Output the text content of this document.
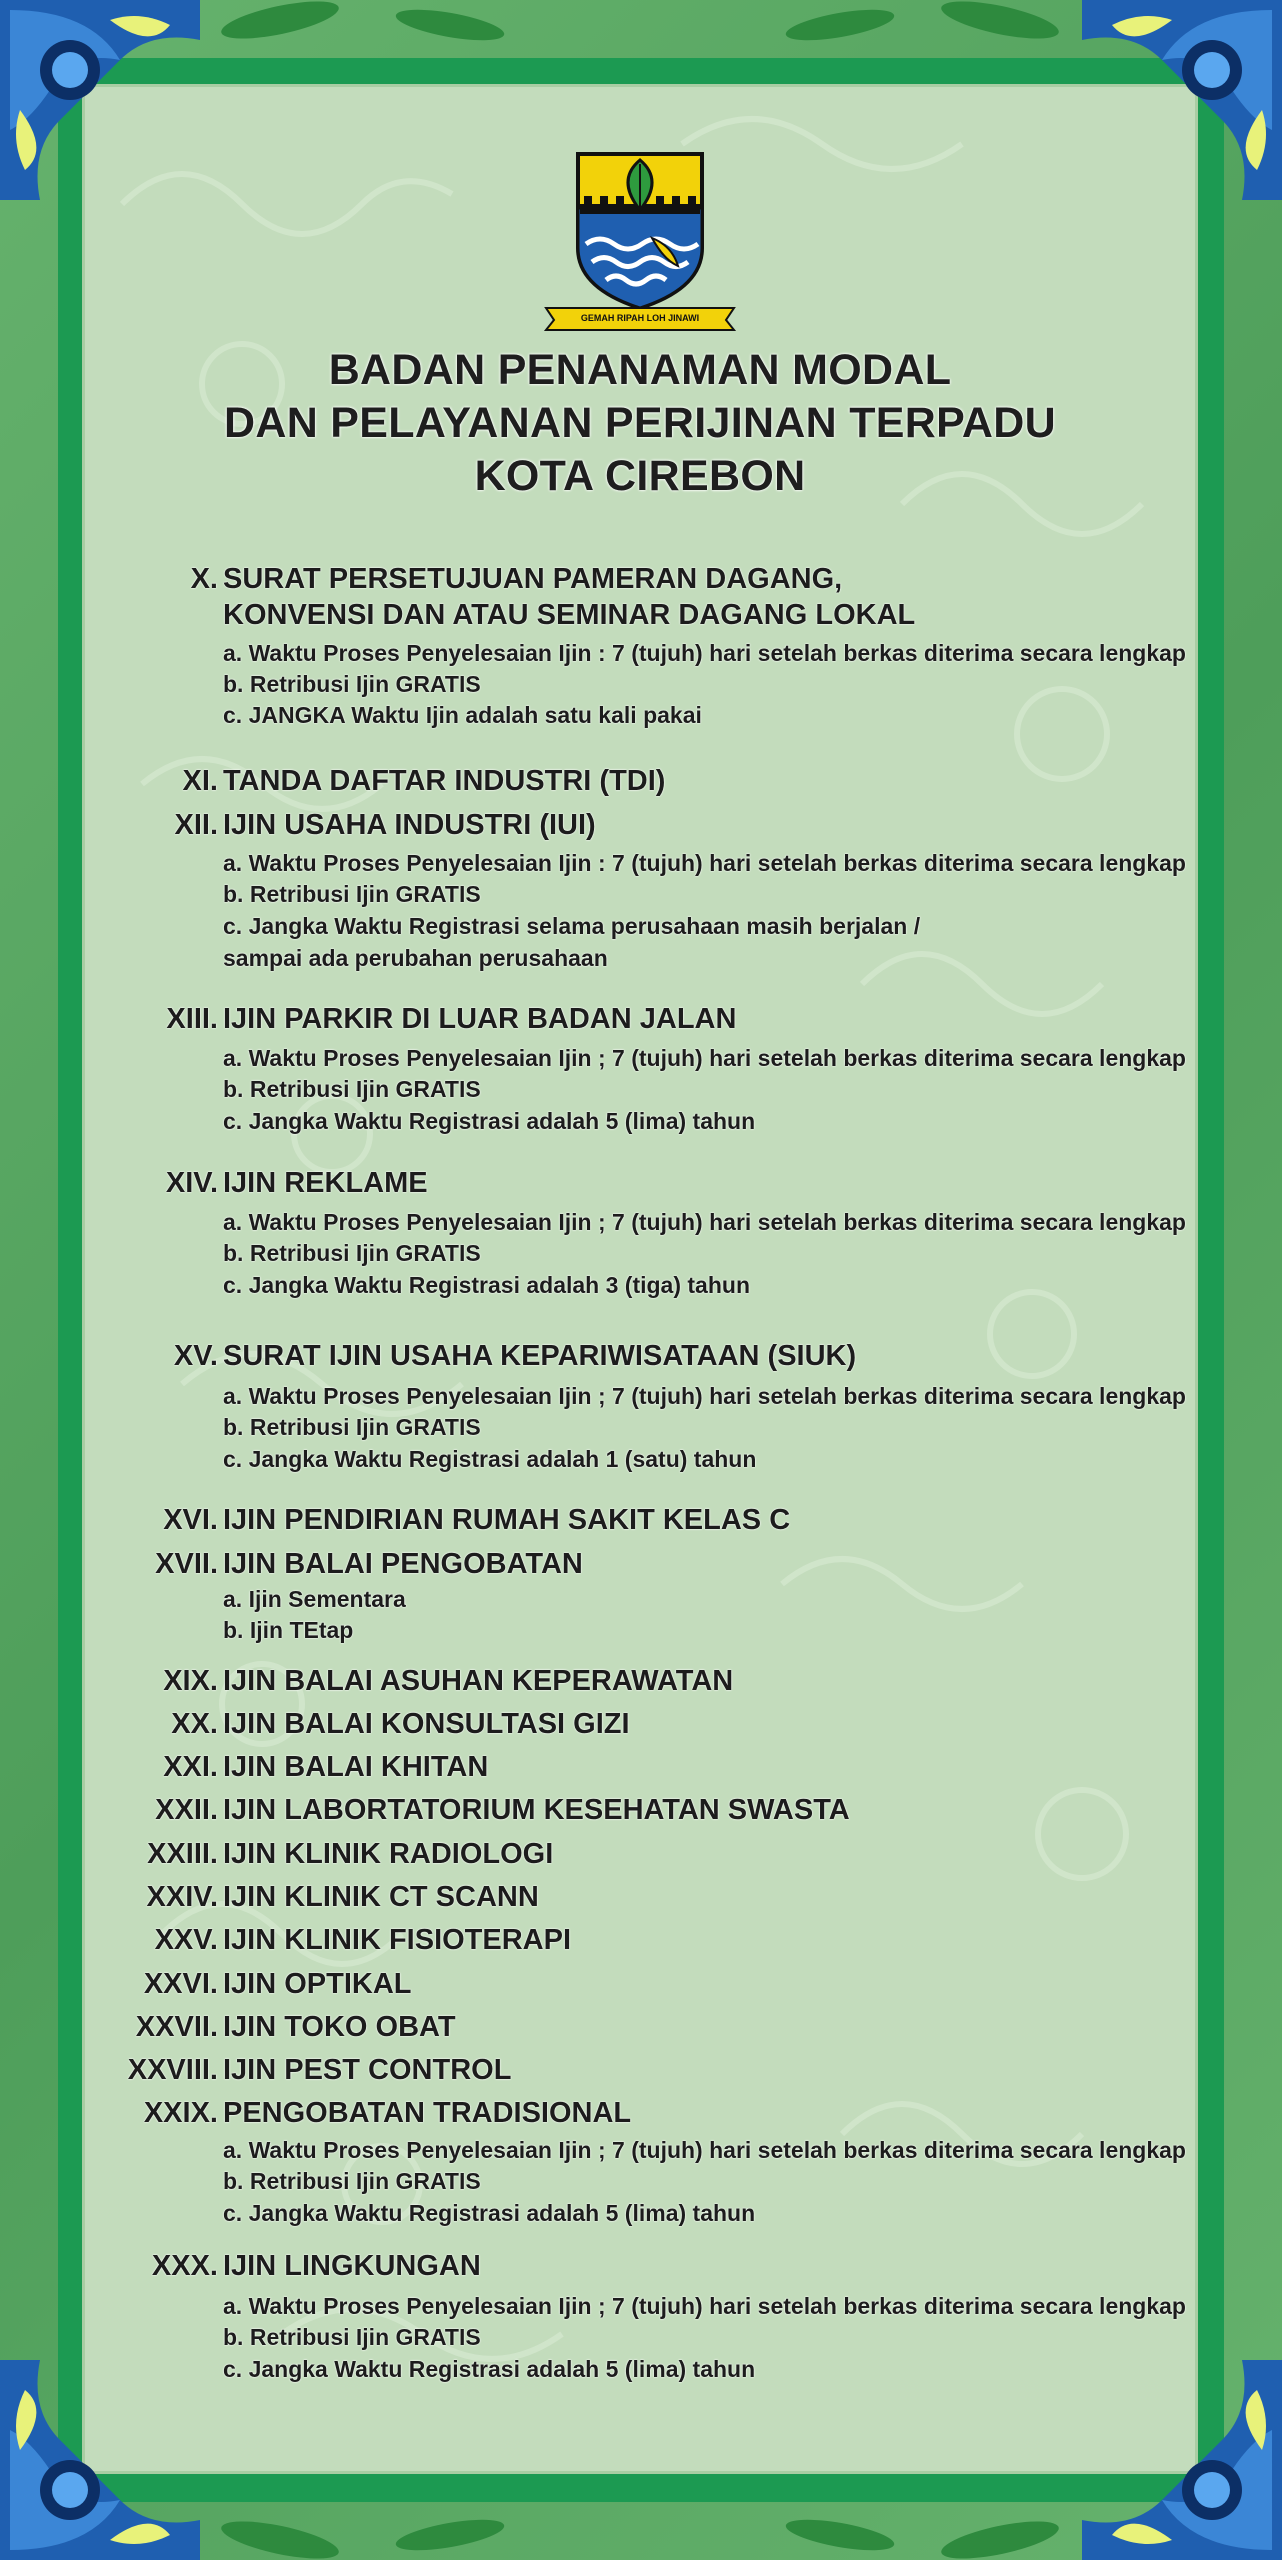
GEMAH RIPAH LOH JINAWI
BADAN PENANAMAN MODAL
DAN PELAYANAN PERIJINAN TERPADU
KOTA CIREBON
X. SURAT PERSETUJUAN PAMERAN DAGANG,
KONVENSI DAN ATAU SEMINAR DAGANG LOKAL
a. Waktu Proses Penyelesaian Ijin : 7 (tujuh) hari setelah berkas diterima secara lengkap
b. Retribusi Ijin GRATIS
c. JANGKA Waktu Ijin adalah satu kali pakai
XI. TANDA DAFTAR INDUSTRI (TDI)
XII. IJIN USAHA INDUSTRI (IUI)
a. Waktu Proses Penyelesaian Ijin : 7 (tujuh) hari setelah berkas diterima secara lengkap
b. Retribusi Ijin GRATIS
c. Jangka Waktu Registrasi selama perusahaan masih berjalan /
sampai ada perubahan perusahaan
XIII. IJIN PARKIR DI LUAR BADAN JALAN
a. Waktu Proses Penyelesaian Ijin ; 7 (tujuh) hari setelah berkas diterima secara lengkap
b. Retribusi Ijin GRATIS
c. Jangka Waktu Registrasi adalah 5 (lima) tahun
XIV. IJIN REKLAME
a. Waktu Proses Penyelesaian Ijin ; 7 (tujuh) hari setelah berkas diterima secara lengkap
b. Retribusi Ijin GRATIS
c. Jangka Waktu Registrasi adalah 3 (tiga) tahun
XV. SURAT IJIN USAHA KEPARIWISATAAN (SIUK)
a. Waktu Proses Penyelesaian Ijin ; 7 (tujuh) hari setelah berkas diterima secara lengkap
b. Retribusi Ijin GRATIS
c. Jangka Waktu Registrasi adalah 1 (satu) tahun
XVI. IJIN PENDIRIAN RUMAH SAKIT KELAS C
XVII. IJIN BALAI PENGOBATAN
a. Ijin Sementara
b. Ijin TEtap
XIX. IJIN BALAI ASUHAN KEPERAWATAN
XX. IJIN BALAI KONSULTASI GIZI
XXI. IJIN BALAI KHITAN
XXII. IJIN LABORTATORIUM KESEHATAN SWASTA
XXIII. IJIN KLINIK RADIOLOGI
XXIV. IJIN KLINIK CT SCANN
XXV. IJIN KLINIK FISIOTERAPI
XXVI. IJIN OPTIKAL
XXVII. IJIN TOKO OBAT
XXVIII. IJIN PEST CONTROL
XXIX. PENGOBATAN TRADISIONAL
a. Waktu Proses Penyelesaian Ijin ; 7 (tujuh) hari setelah berkas diterima secara lengkap
b. Retribusi Ijin GRATIS
c. Jangka Waktu Registrasi adalah 5 (lima) tahun
XXX. IJIN LINGKUNGAN
a. Waktu Proses Penyelesaian Ijin ; 7 (tujuh) hari setelah berkas diterima secara lengkap
b. Retribusi Ijin GRATIS
c. Jangka Waktu Registrasi adalah 5 (lima) tahun
